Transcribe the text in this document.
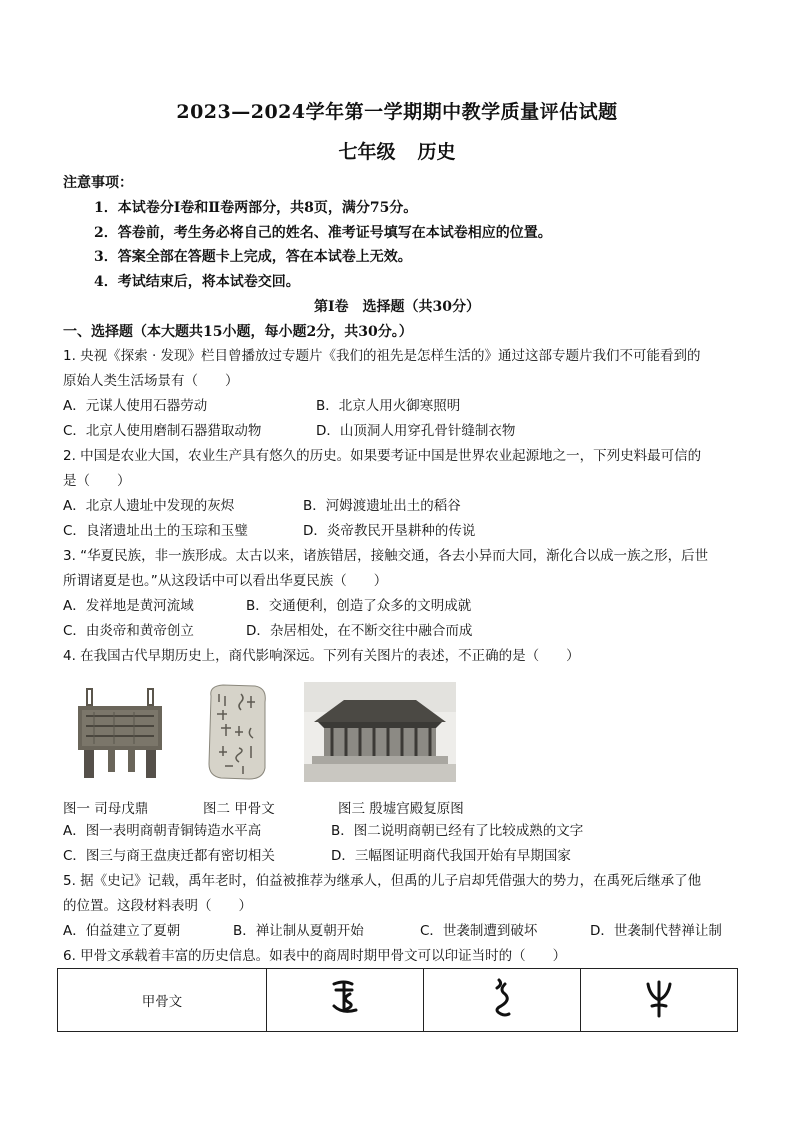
2023—2024学年第一学期期中教学质量评估试题
七年级 历史
注意事项：
1．本试卷分Ⅰ卷和Ⅱ卷两部分，共8页，满分75分。
2．答卷前，考生务必将自己的姓名、准考证号填写在本试卷相应的位置。
3．答案全部在答题卡上完成，答在本试卷上无效。
4．考试结束后，将本试卷交回。
第Ⅰ卷　选择题（共30分）
一、选择题（本大题共15小题，每小题2分，共30分。）
1. 央视《探索 · 发现》栏目曾播放过专题片《我们的祖先是怎样生活的》通过这部专题片我们不可能看到的
原始人类生活场景有（　　）
A．元谋人使用石器劳动	B．北京人用火御寒照明
C．北京人使用磨制石器猎取动物	D．山顶洞人用穿孔骨针缝制衣物
2. 中国是农业大国，农业生产具有悠久的历史。如果要考证中国是世界农业起源地之一，下列史料最可信的
是（　　）
A．北京人遗址中发现的灰烬	B．河姆渡遗址出土的稻谷
C．良渚遗址出土的玉琮和玉璧	D．炎帝教民开垦耕种的传说
3. “华夏民族，非一族形成。太古以来，诸族错居，接触交通，各去小异而大同，渐化合以成一族之形，后世
所谓诸夏是也。”从这段话中可以看出华夏民族（　　）
A．发祥地是黄河流域	B．交通便利，创造了众多的文明成就
C．由炎帝和黄帝创立	D．杂居相处，在不断交往中融合而成
4. 在我国古代早期历史上，商代影响深远。下列有关图片的表述，不正确的是（　　）
图一 司母戊鼎	图二 甲骨文	图三 殷墟宫殿复原图
A．图一表明商朝青铜铸造水平高	B．图二说明商朝已经有了比较成熟的文字
C．图三与商王盘庚迁都有密切相关	D．三幅图证明商代我国开始有早期国家
5. 据《史记》记载，禹年老时，伯益被推荐为继承人，但禹的儿子启却凭借强大的势力，在禹死后继承了他
的位置。这段材料表明（　　）
A．伯益建立了夏朝	B．禅让制从夏朝开始	C．世袭制遭到破坏	D．世袭制代替禅让制
6. 甲骨文承载着丰富的历史信息。如表中的商周时期甲骨文可以印证当时的（　　）
甲骨文			
